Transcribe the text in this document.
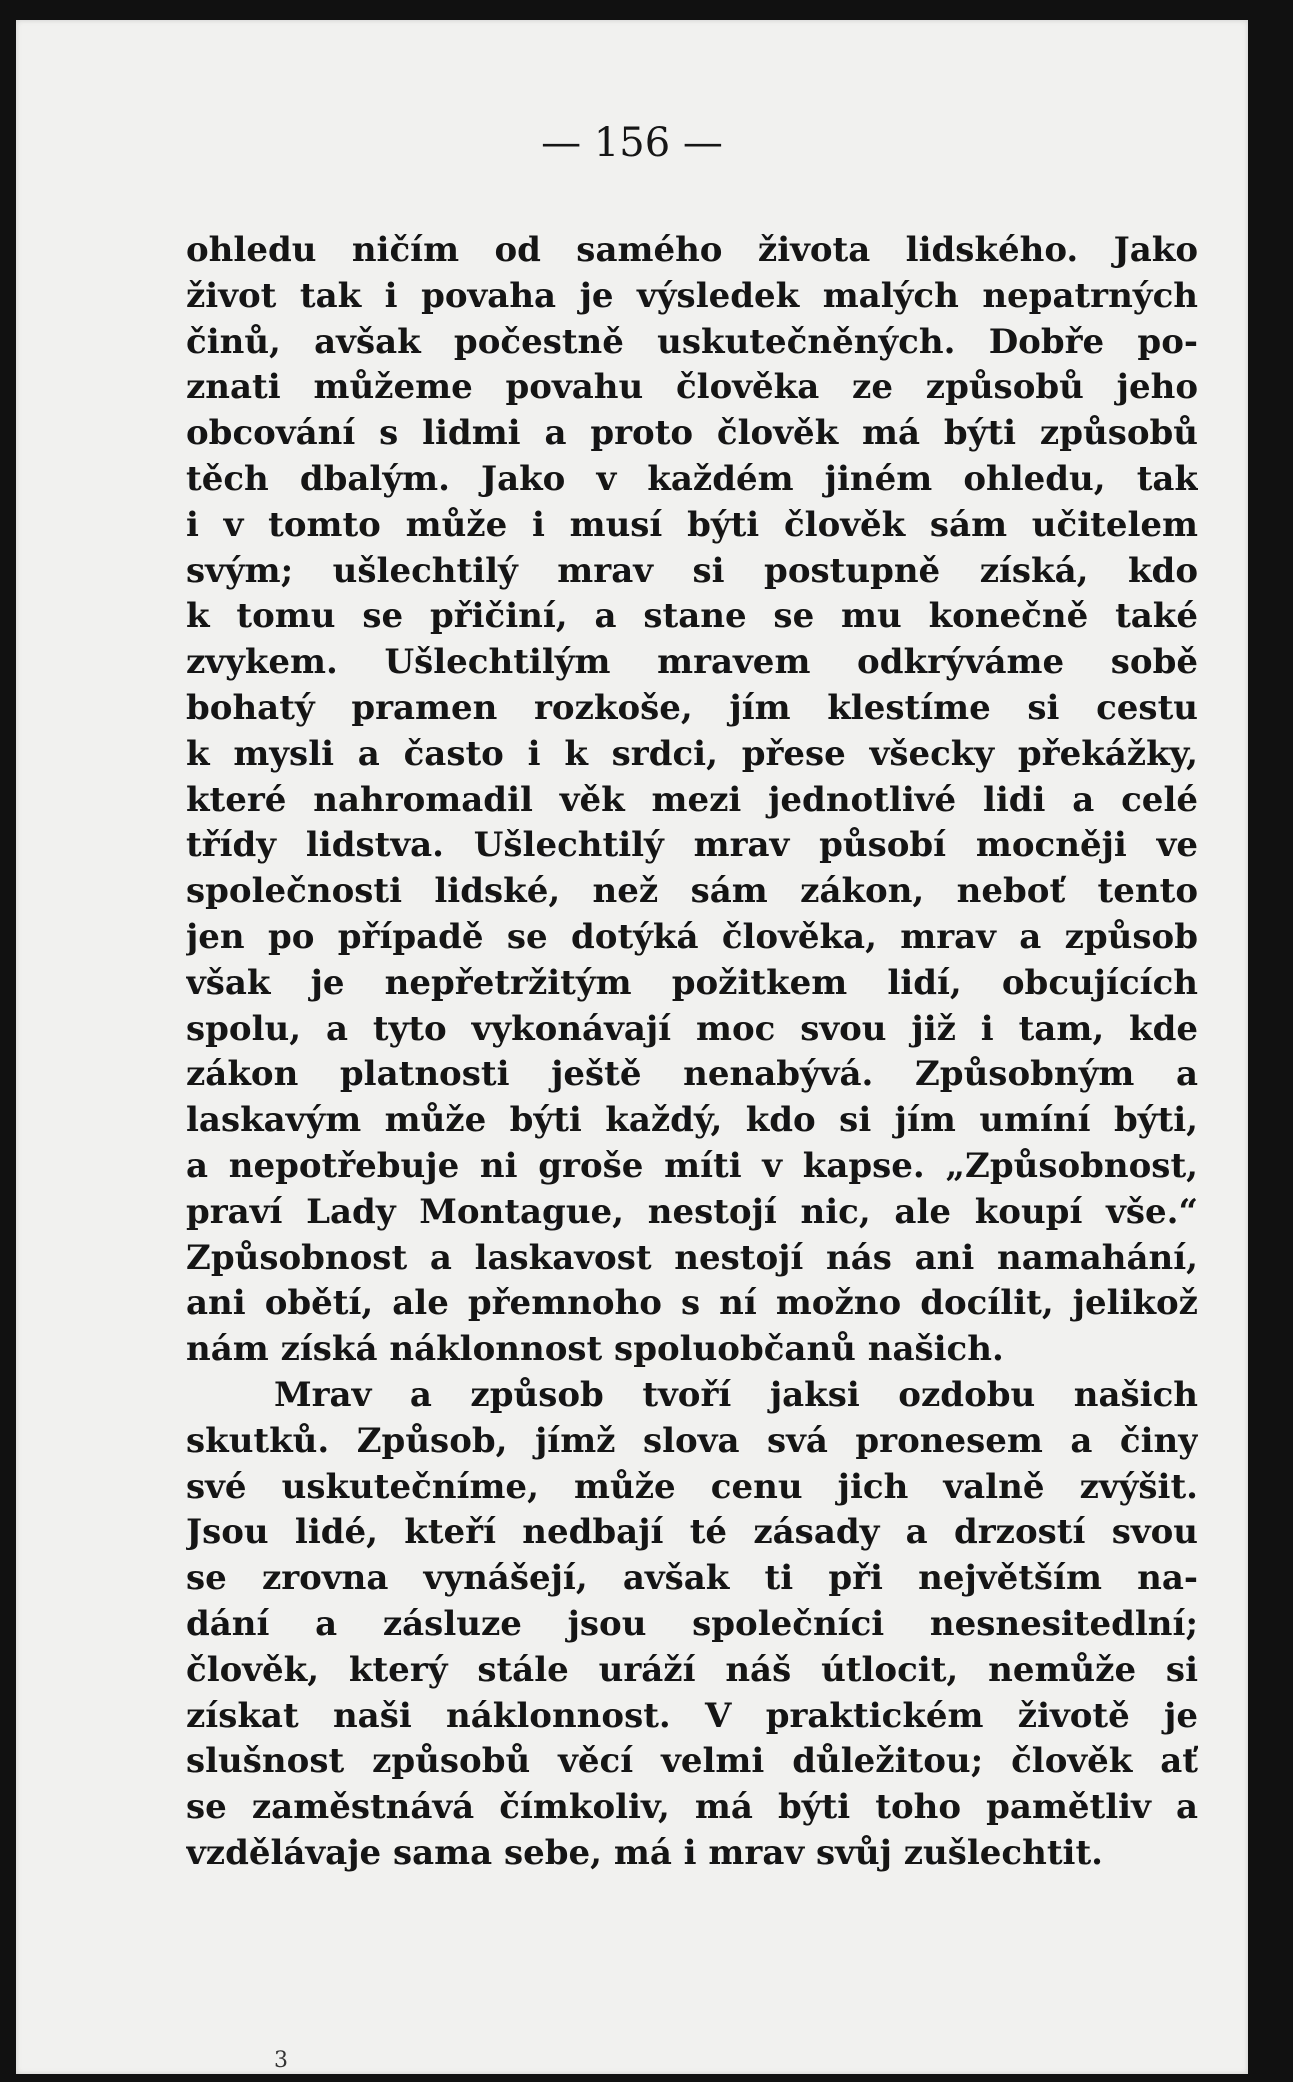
— 156 —
ohledu ničím od samého života lidského. Jako
život tak i povaha je výsledek malých nepatrných
činů, avšak počestně uskutečněných. Dobře po-
znati můžeme povahu člověka ze způsobů jeho
obcování s lidmi a proto člověk má býti způsobů
těch dbalým. Jako v každém jiném ohledu, tak
i v tomto může i musí býti člověk sám učitelem
svým; ušlechtilý mrav si postupně získá, kdo
k tomu se přičiní, a stane se mu konečně také
zvykem. Ušlechtilým mravem odkrýváme sobě
bohatý pramen rozkoše, jím klestíme si cestu
k mysli a často i k srdci, přese všecky překážky,
které nahromadil věk mezi jednotlivé lidi a celé
třídy lidstva. Ušlechtilý mrav působí mocněji ve
společnosti lidské, než sám zákon, neboť tento
jen po případě se dotýká člověka, mrav a způsob
však je nepřetržitým požitkem lidí, obcujících
spolu, a tyto vykonávají moc svou již i tam, kde
zákon platnosti ještě nenabývá. Způsobným a
laskavým může býti každý, kdo si jím umíní býti,
a nepotřebuje ni groše míti v kapse. „Způsobnost,
praví Lady Montague, nestojí nic, ale koupí vše.“
Způsobnost a laskavost nestojí nás ani namahání,
ani obětí, ale přemnoho s ní možno docílit, jelikož
nám získá náklonnost spoluobčanů našich.
Mrav a způsob tvoří jaksi ozdobu našich
skutků. Způsob, jímž slova svá pronesem a činy
své uskutečníme, může cenu jich valně zvýšit.
Jsou lidé, kteří nedbají té zásady a drzostí svou
se zrovna vynášejí, avšak ti při největším na-
dání a zásluze jsou společníci nesnesitedlní;
člověk, který stále uráží náš útlocit, nemůže si
získat naši náklonnost. V praktickém životě je
slušnost způsobů věcí velmi důležitou; člověk ať
se zaměstnává čímkoliv, má býti toho pamětliv a
vzdělávaje sama sebe, má i mrav svůj zušlechtit.
3
